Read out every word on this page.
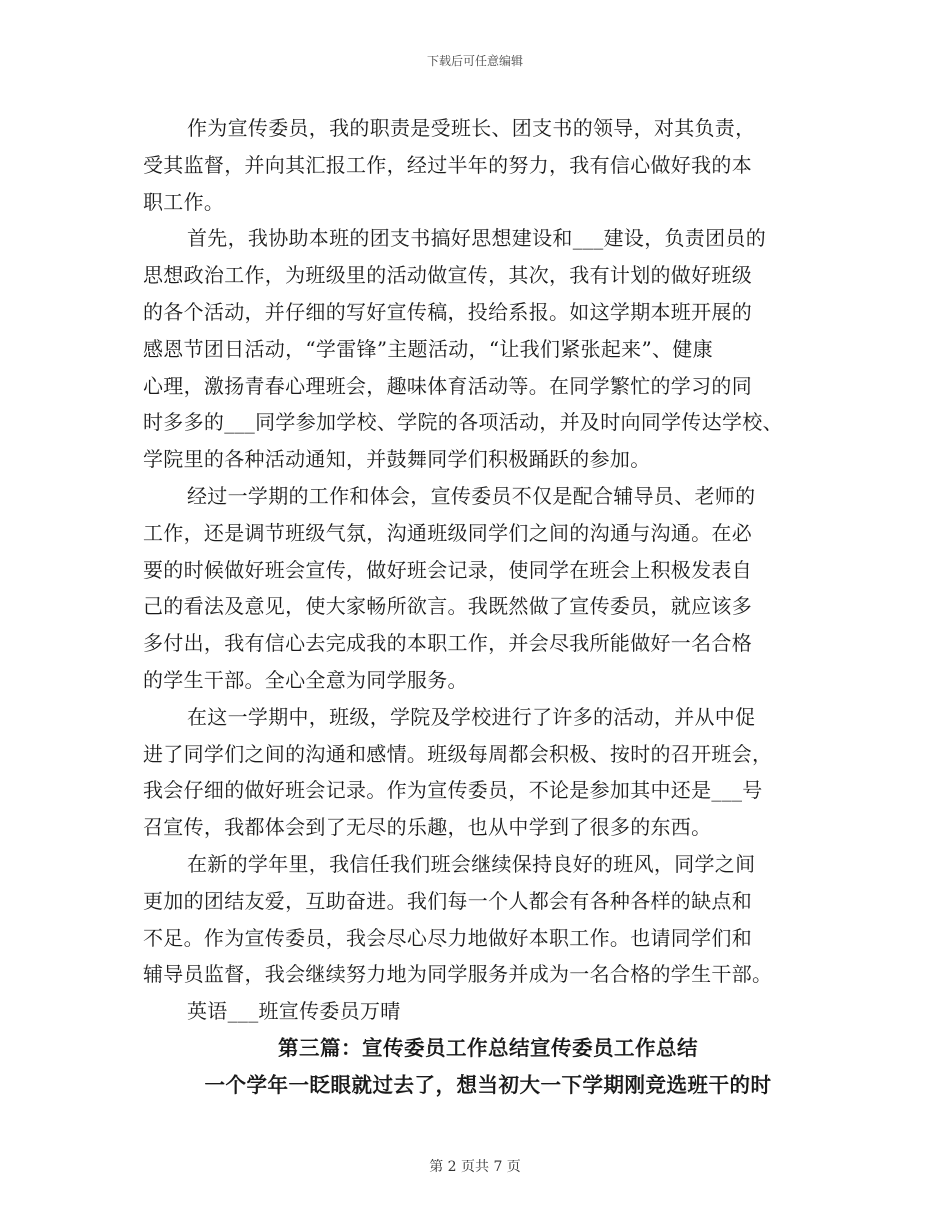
下载后可任意编辑
作为宣传委员，我的职责是受班长、团支书的领导，对其负责，
受其监督，并向其汇报工作，经过半年的努力，我有信心做好我的本
职工作。
首先，我协助本班的团支书搞好思想建设和___建设，负责团员的
思想政治工作，为班级里的活动做宣传，其次，我有计划的做好班级
的各个活动，并仔细的写好宣传稿，投给系报。如这学期本班开展的
感恩节团日活动，“学雷锋”主题活动，“让我们紧张起来”、健康
心理，激扬青春心理班会，趣味体育活动等。在同学繁忙的学习的同
时多多的___同学参加学校、学院的各项活动，并及时向同学传达学校、
学院里的各种活动通知，并鼓舞同学们积极踊跃的参加。
经过一学期的工作和体会，宣传委员不仅是配合辅导员、老师的
工作，还是调节班级气氛，沟通班级同学们之间的沟通与沟通。在必
要的时候做好班会宣传，做好班会记录，使同学在班会上积极发表自
己的看法及意见，使大家畅所欲言。我既然做了宣传委员，就应该多
多付出，我有信心去完成我的本职工作，并会尽我所能做好一名合格
的学生干部。全心全意为同学服务。
在这一学期中，班级，学院及学校进行了许多的活动，并从中促
进了同学们之间的沟通和感情。班级每周都会积极、按时的召开班会，
我会仔细的做好班会记录。作为宣传委员，不论是参加其中还是___号
召宣传，我都体会到了无尽的乐趣，也从中学到了很多的东西。
在新的学年里，我信任我们班会继续保持良好的班风，同学之间
更加的团结友爱，互助奋进。我们每一个人都会有各种各样的缺点和
不足。作为宣传委员，我会尽心尽力地做好本职工作。也请同学们和
辅导员监督，我会继续努力地为同学服务并成为一名合格的学生干部。
英语___班宣传委员万晴
第三篇：宣传委员工作总结宣传委员工作总结
一个学年一眨眼就过去了，想当初大一下学期刚竞选班干的时
第 2 页共 7 页
